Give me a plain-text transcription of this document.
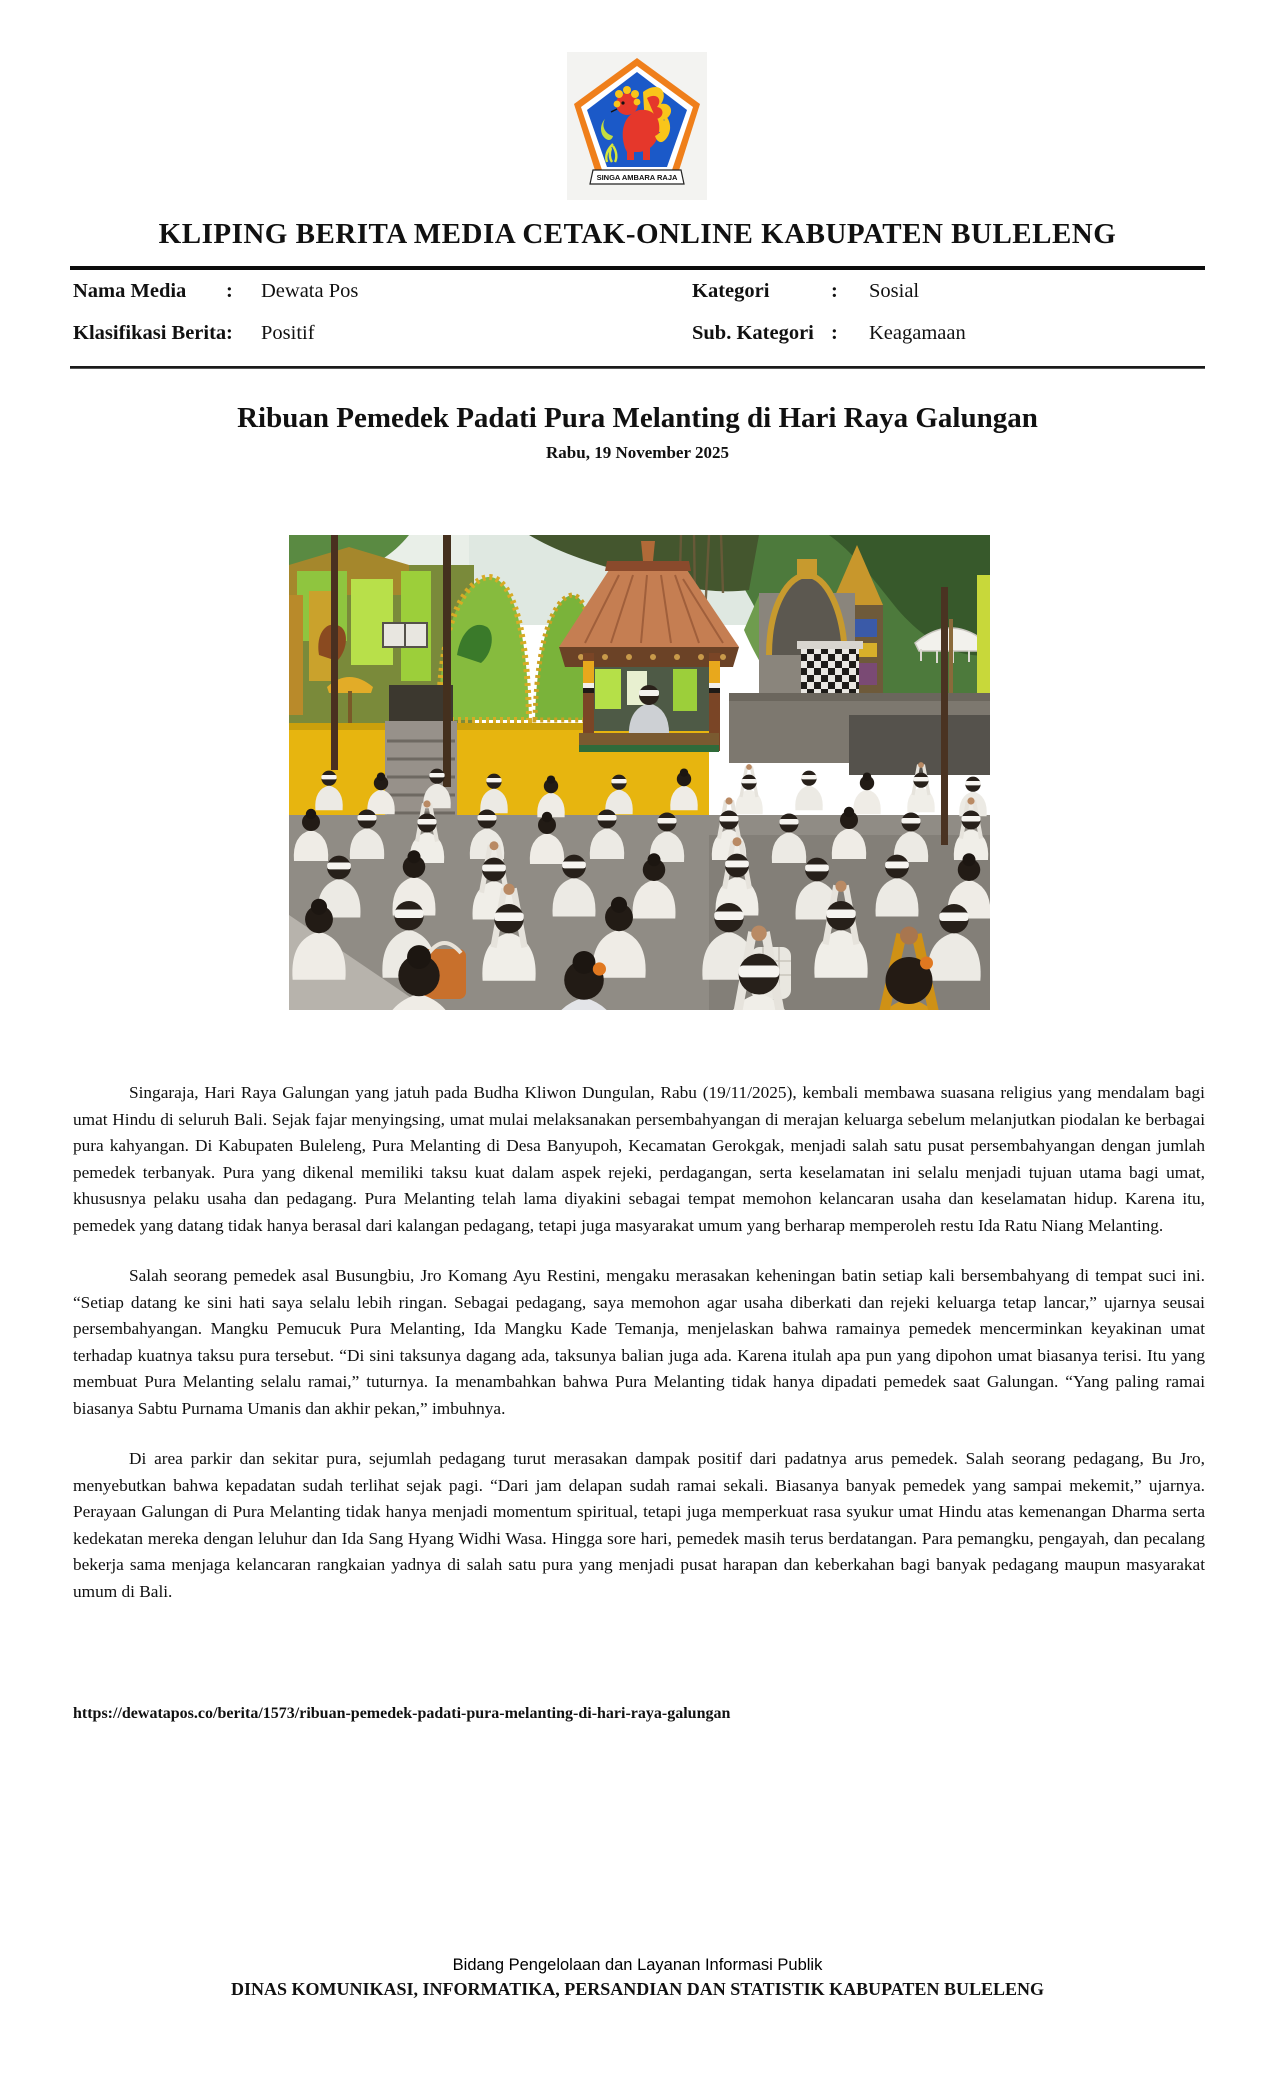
SINGA AMBARA RAJA
KLIPING BERITA MEDIA CETAK-ONLINE KABUPATEN BULELENG
Nama Media : Dewata Pos	Kategori	: Sosial
Klasifikasi Berita : Positif	Sub. Kategori : Keagamaan
Ribuan Pemedek Padati Pura Melanting di Hari Raya Galungan
Rabu, 19 November 2025

Singaraja, Hari Raya Galungan yang jatuh pada Budha Kliwon Dungulan, Rabu (19/11/2025), kembali membawa suasana religius yang mendalam bagi umat Hindu di seluruh Bali. Sejak fajar menyingsing, umat mulai melaksanakan persembahyangan di merajan keluarga sebelum melanjutkan piodalan ke berbagai pura kahyangan. Di Kabupaten Buleleng, Pura Melanting di Desa Banyupoh, Kecamatan Gerokgak, menjadi salah satu pusat persembahyangan dengan jumlah pemedek terbanyak. Pura yang dikenal memiliki taksu kuat dalam aspek rejeki, perdagangan, serta keselamatan ini selalu menjadi tujuan utama bagi umat, khususnya pelaku usaha dan pedagang. Pura Melanting telah lama diyakini sebagai tempat memohon kelancaran usaha dan keselamatan hidup. Karena itu, pemedek yang datang tidak hanya berasal dari kalangan pedagang, tetapi juga masyarakat umum yang berharap memperoleh restu Ida Ratu Niang Melanting.

Salah seorang pemedek asal Busungbiu, Jro Komang Ayu Restini, mengaku merasakan keheningan batin setiap kali bersembahyang di tempat suci ini. “Setiap datang ke sini hati saya selalu lebih ringan. Sebagai pedagang, saya memohon agar usaha diberkati dan rejeki keluarga tetap lancar,” ujarnya seusai persembahyangan. Mangku Pemucuk Pura Melanting, Ida Mangku Kade Temanja, menjelaskan bahwa ramainya pemedek mencerminkan keyakinan umat terhadap kuatnya taksu pura tersebut. “Di sini taksunya dagang ada, taksunya balian juga ada. Karena itulah apa pun yang dipohon umat biasanya terisi. Itu yang membuat Pura Melanting selalu ramai,” tuturnya. Ia menambahkan bahwa Pura Melanting tidak hanya dipadati pemedek saat Galungan. “Yang paling ramai biasanya Sabtu Purnama Umanis dan akhir pekan,” imbuhnya.

Di area parkir dan sekitar pura, sejumlah pedagang turut merasakan dampak positif dari padatnya arus pemedek. Salah seorang pedagang, Bu Jro, menyebutkan bahwa kepadatan sudah terlihat sejak pagi. “Dari jam delapan sudah ramai sekali. Biasanya banyak pemedek yang sampai mekemit,” ujarnya. Perayaan Galungan di Pura Melanting tidak hanya menjadi momentum spiritual, tetapi juga memperkuat rasa syukur umat Hindu atas kemenangan Dharma serta kedekatan mereka dengan leluhur dan Ida Sang Hyang Widhi Wasa. Hingga sore hari, pemedek masih terus berdatangan. Para pemangku, pengayah, dan pecalang bekerja sama menjaga kelancaran rangkaian yadnya di salah satu pura yang menjadi pusat harapan dan keberkahan bagi banyak pedagang maupun masyarakat umum di Bali.

https://dewatapos.co/berita/1573/ribuan-pemedek-padati-pura-melanting-di-hari-raya-galungan
Bidang Pengelolaan dan Layanan Informasi Publik
DINAS KOMUNIKASI, INFORMATIKA, PERSANDIAN DAN STATISTIK KABUPATEN BULELENG
